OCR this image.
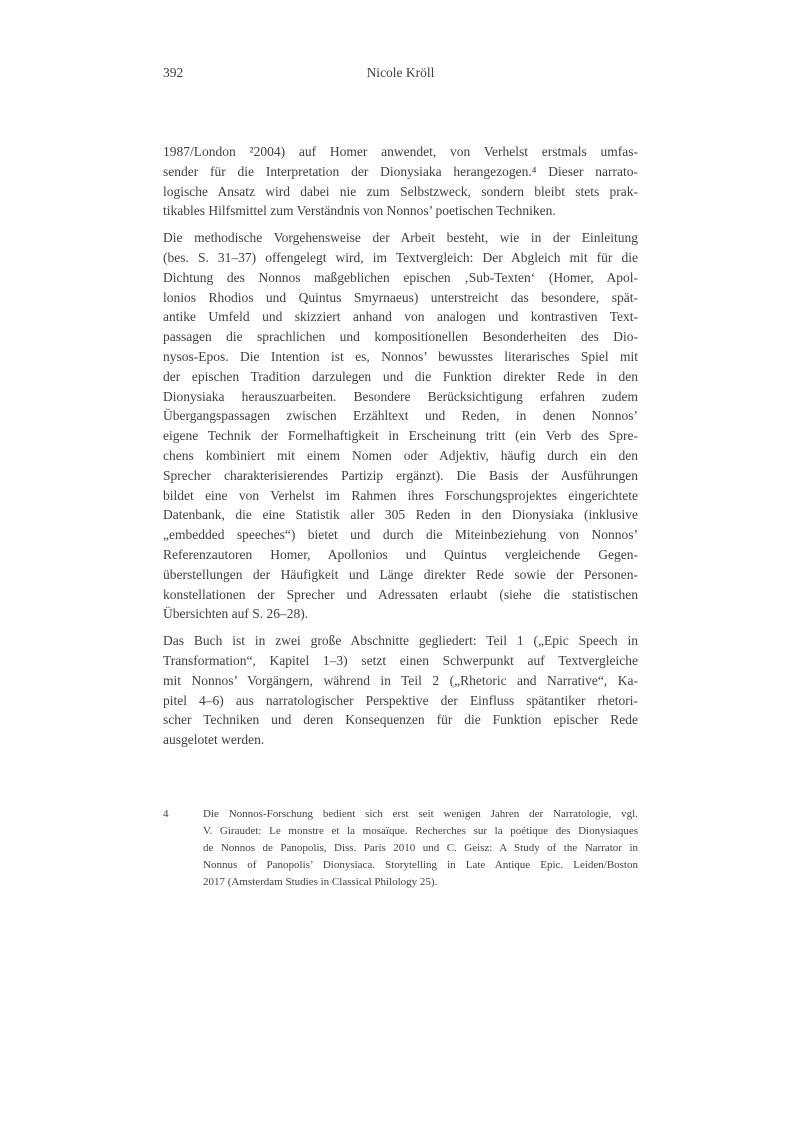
392	Nicole Kröll
1987/London ²2004) auf Homer anwendet, von Verhelst erstmals umfas-
sender für die Interpretation der Dionysiaka herangezogen.⁴ Dieser narrato-
logische Ansatz wird dabei nie zum Selbstzweck, sondern bleibt stets prak-
tikables Hilfsmittel zum Verständnis von Nonnos’ poetischen Techniken.
Die methodische Vorgehensweise der Arbeit besteht, wie in der Einleitung
(bes. S. 31–37) offengelegt wird, im Textvergleich: Der Abgleich mit für die
Dichtung des Nonnos maßgeblichen epischen ‚Sub-Texten‘ (Homer, Apol-
lonios Rhodios und Quintus Smyrnaeus) unterstreicht das besondere, spät-
antike Umfeld und skizziert anhand von analogen und kontrastiven Text-
passagen die sprachlichen und kompositionellen Besonderheiten des Dio-
nysos-Epos. Die Intention ist es, Nonnos’ bewusstes literarisches Spiel mit
der epischen Tradition darzulegen und die Funktion direkter Rede in den
Dionysiaka herauszuarbeiten. Besondere Berücksichtigung erfahren zudem
Übergangspassagen zwischen Erzähltext und Reden, in denen Nonnos’
eigene Technik der Formelhaftigkeit in Erscheinung tritt (ein Verb des Spre-
chens kombiniert mit einem Nomen oder Adjektiv, häufig durch ein den
Sprecher charakterisierendes Partizip ergänzt). Die Basis der Ausführungen
bildet eine von Verhelst im Rahmen ihres Forschungsprojektes eingerichtete
Datenbank, die eine Statistik aller 305 Reden in den Dionysiaka (inklusive
„embedded speeches“) bietet und durch die Miteinbeziehung von Nonnos’
Referenzautoren Homer, Apollonios und Quintus vergleichende Gegen-
überstellungen der Häufigkeit und Länge direkter Rede sowie der Personen-
konstellationen der Sprecher und Adressaten erlaubt (siehe die statistischen
Übersichten auf S. 26–28).
Das Buch ist in zwei große Abschnitte gegliedert: Teil 1 („Epic Speech in
Transformation“, Kapitel 1–3) setzt einen Schwerpunkt auf Textvergleiche
mit Nonnos’ Vorgängern, während in Teil 2 („Rhetoric and Narrative“, Ka-
pitel 4–6) aus narratologischer Perspektive der Einfluss spätantiker rhetori-
scher Techniken und deren Konsequenzen für die Funktion epischer Rede
ausgelotet werden.
4	Die Nonnos-Forschung bedient sich erst seit wenigen Jahren der Narratologie, vgl.
V. Giraudet: Le monstre et la mosaïque. Recherches sur la poétique des Dionysiaques
de Nonnos de Panopolis, Diss. Paris 2010 und C. Geisz: A Study of the Narrator in
Nonnus of Panopolis’ Dionysiaca. Storytelling in Late Antique Epic. Leiden/Boston
2017 (Amsterdam Studies in Classical Philology 25).
